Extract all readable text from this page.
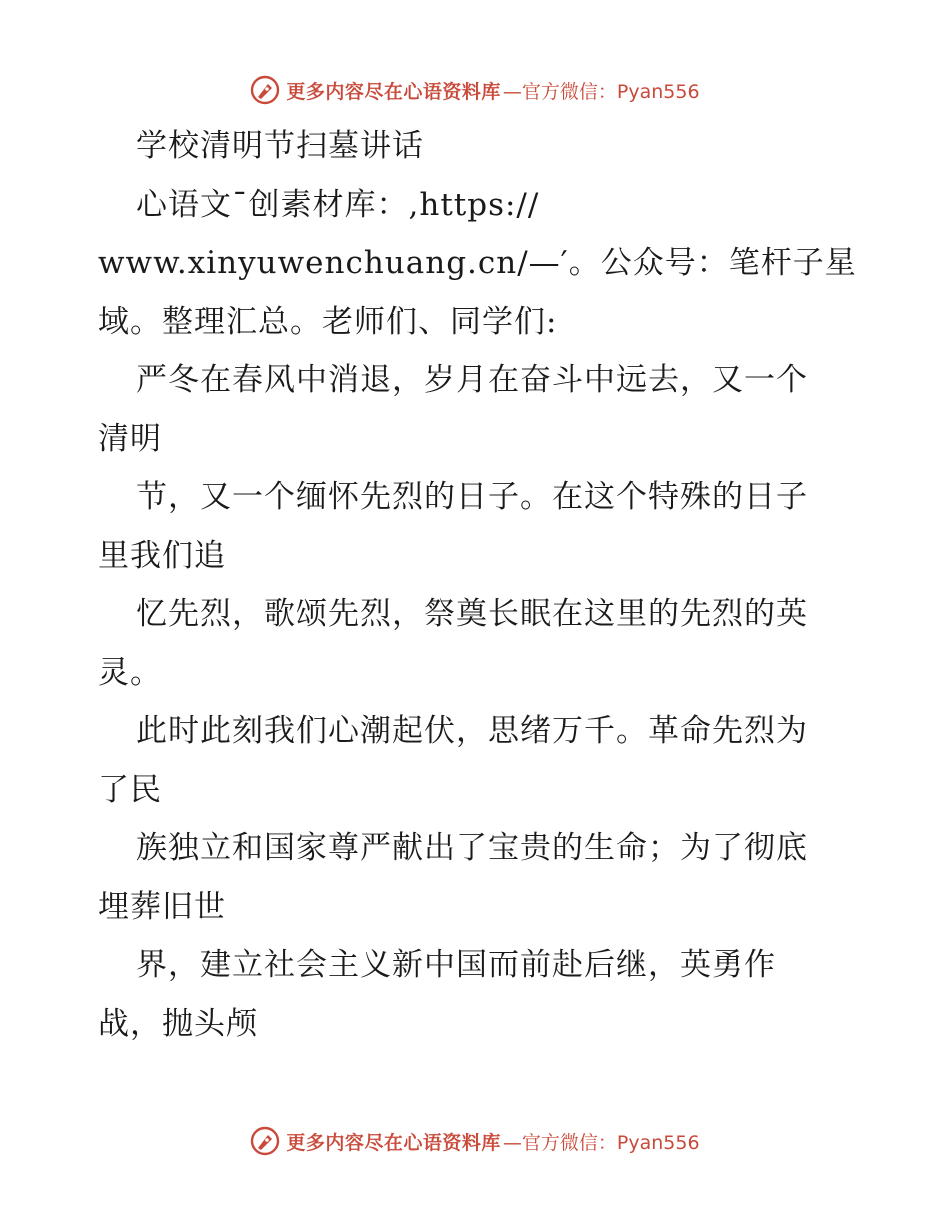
更多内容尽在心语资料库 —官方微信：Pyan556
学校清明节扫墓讲话
心语文¯创素材库：,https://
www.xinyuwenchuang.cn/—′。公众号：笔杆子星
域。整理汇总。老师们、同学们:
严冬在春风中消退，岁月在奋斗中远去，又一个
清明
节，又一个缅怀先烈的日子。在这个特殊的日子
里我们追
忆先烈，歌颂先烈，祭奠长眠在这里的先烈的英
灵。
此时此刻我们心潮起伏，思绪万千。革命先烈为
了民
族独立和国家尊严献出了宝贵的生命；为了彻底
埋葬旧世
界，建立社会主义新中国而前赴后继，英勇作
战，抛头颅
更多内容尽在心语资料库 —官方微信：Pyan556
